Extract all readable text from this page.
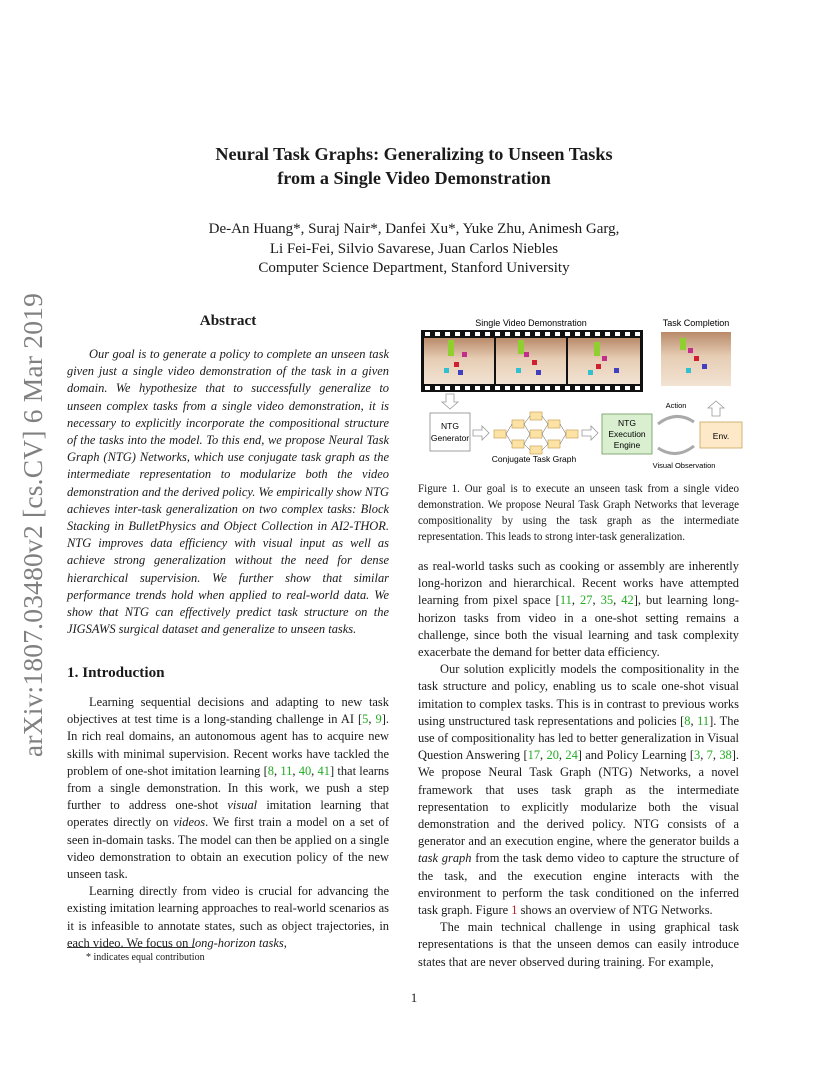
arXiv:1807.03480v2 [cs.CV] 6 Mar 2019
Neural Task Graphs: Generalizing to Unseen Tasks
from a Single Video Demonstration
De-An Huang*, Suraj Nair*, Danfei Xu*, Yuke Zhu, Animesh Garg,
Li Fei-Fei, Silvio Savarese, Juan Carlos Niebles
Computer Science Department, Stanford University
Abstract

Our goal is to generate a policy to complete an unseen task given just a single video demonstration of the task in a given domain. We hypothesize that to successfully generalize to unseen complex tasks from a single video demonstration, it is necessary to explicitly incorporate the compositional structure of the tasks into the model. To this end, we propose Neural Task Graph (NTG) Networks, which use conjugate task graph as the intermediate representation to modularize both the video demonstration and the derived policy. We empirically show NTG achieves inter-task generalization on two complex tasks: Block Stacking in BulletPhysics and Object Collection in AI2-THOR. NTG improves data efficiency with visual input as well as achieve strong generalization without the need for dense hierarchical supervision. We further show that similar performance trends hold when applied to real-world data. We show that NTG can effectively predict task structure on the JIGSAWS surgical dataset and generalize to unseen tasks.

1. Introduction

Learning sequential decisions and adapting to new task objectives at test time is a long-standing challenge in AI [5, 9]. In rich real domains, an autonomous agent has to acquire new skills with minimal supervision. Recent works have tackled the problem of one-shot imitation learning [8, 11, 40, 41] that learns from a single demonstration. In this work, we push a step further to address one-shot visual imitation learning that operates directly on videos. We first train a model on a set of seen in-domain tasks. The model can then be applied on a single video demonstration to obtain an execution policy of the new unseen task.

Learning directly from video is crucial for advancing the existing imitation learning approaches to real-world scenarios as it is infeasible to annotate states, such as object trajectories, in each video. We focus on long-horizon tasks,

* indicates equal contribution
Single Video Demonstration	Task Completion
NTG
Generator
Conjugate Task Graph
NTG
Execution
Engine
Action
Env.
Visual Observation
Figure 1. Our goal is to execute an unseen task from a single video demonstration. We propose Neural Task Graph Networks that leverage compositionality by using the task graph as the intermediate representation. This leads to strong inter-task generalization.

as real-world tasks such as cooking or assembly are inherently long-horizon and hierarchical. Recent works have attempted learning from pixel space [11, 27, 35, 42], but learning long-horizon tasks from video in a one-shot setting remains a challenge, since both the visual learning and task complexity exacerbate the demand for better data efficiency.

Our solution explicitly models the compositionality in the task structure and policy, enabling us to scale one-shot visual imitation to complex tasks. This is in contrast to previous works using unstructured task representations and policies [8, 11]. The use of compositionality has led to better generalization in Visual Question Answering [17, 20, 24] and Policy Learning [3, 7, 38]. We propose Neural Task Graph (NTG) Networks, a novel framework that uses task graph as the intermediate representation to explicitly modularize both the visual demonstration and the derived policy. NTG consists of a generator and an execution engine, where the generator builds a task graph from the task demo video to capture the structure of the task, and the execution engine interacts with the environment to perform the task conditioned on the inferred task graph. Figure 1 shows an overview of NTG Networks.

The main technical challenge in using graphical task representations is that the unseen demos can easily introduce states that are never observed during training. For example,

1
